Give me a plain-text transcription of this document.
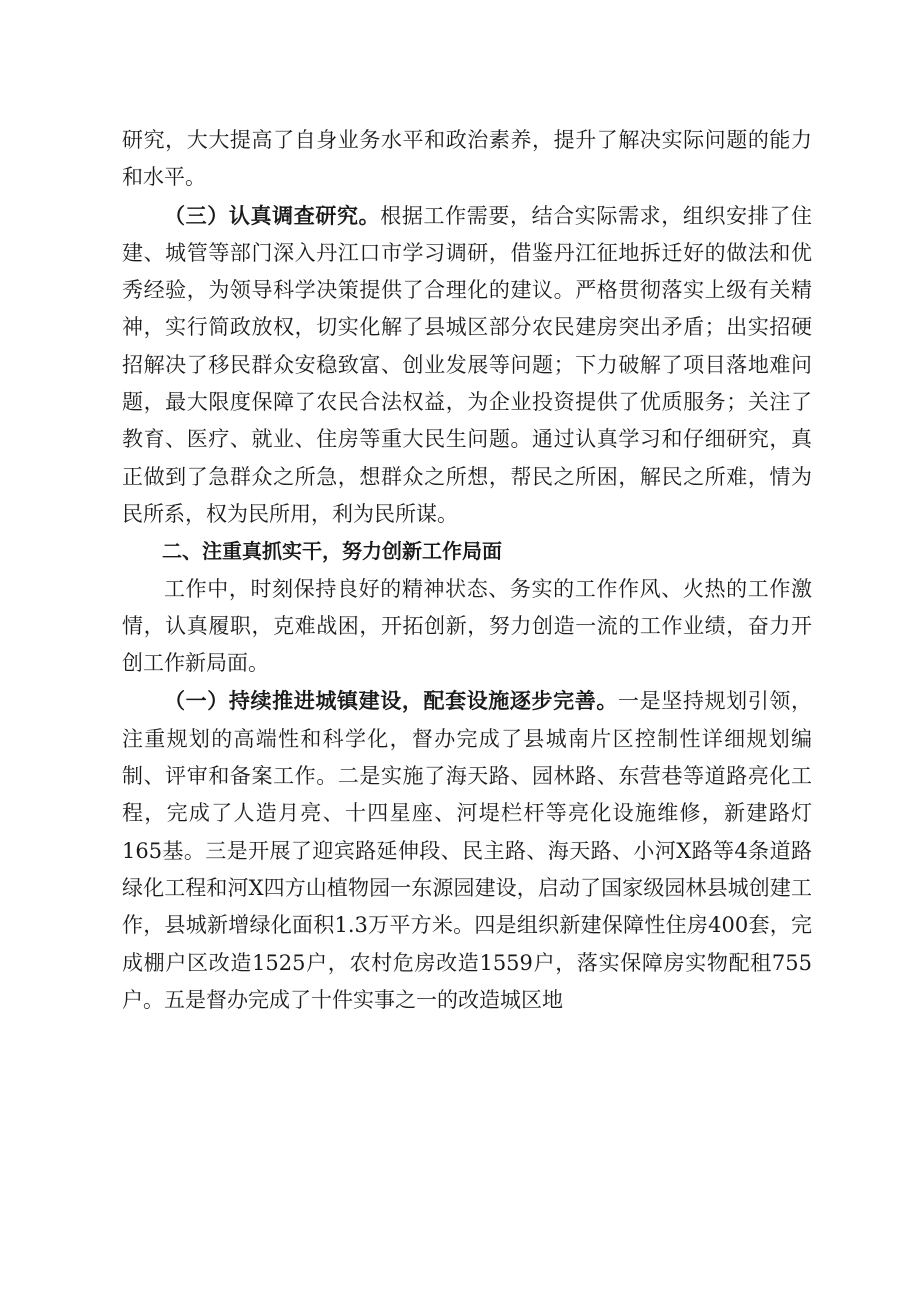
研究，大大提高了自身业务水平和政治素养，提升了解决实际问题的能力和水平。

（三）认真调查研究。根据工作需要，结合实际需求，组织安排了住建、城管等部门深入丹江口市学习调研，借鉴丹江征地拆迁好的做法和优秀经验，为领导科学决策提供了合理化的建议。严格贯彻落实上级有关精神，实行简政放权，切实化解了县城区部分农民建房突出矛盾；出实招硬招解决了移民群众安稳致富、创业发展等问题；下力破解了项目落地难问题，最大限度保障了农民合法权益，为企业投资提供了优质服务；关注了教育、医疗、就业、住房等重大民生问题。通过认真学习和仔细研究，真正做到了急群众之所急，想群众之所想，帮民之所困，解民之所难，情为民所系，权为民所用，利为民所谋。

二、注重真抓实干，努力创新工作局面

工作中，时刻保持良好的精神状态、务实的工作作风、火热的工作激情，认真履职，克难战困，开拓创新，努力创造一流的工作业绩，奋力开创工作新局面。

（一）持续推进城镇建设，配套设施逐步完善。一是坚持规划引领，注重规划的高端性和科学化，督办完成了县城南片区控制性详细规划编制、评审和备案工作。二是实施了海天路、园林路、东营巷等道路亮化工程，完成了人造月亮、十四星座、河堤栏杆等亮化设施维修，新建路灯165基。三是开展了迎宾路延伸段、民主路、海天路、小河X路等4条道路绿化工程和河X四方山植物园一东源园建设，启动了国家级园林县城创建工作，县城新增绿化面积1.3万平方米。四是组织新建保障性住房400套，完成棚户区改造1525户，农村危房改造1559户，落实保障房实物配租755户。五是督办完成了十件实事之一的改造城区地
